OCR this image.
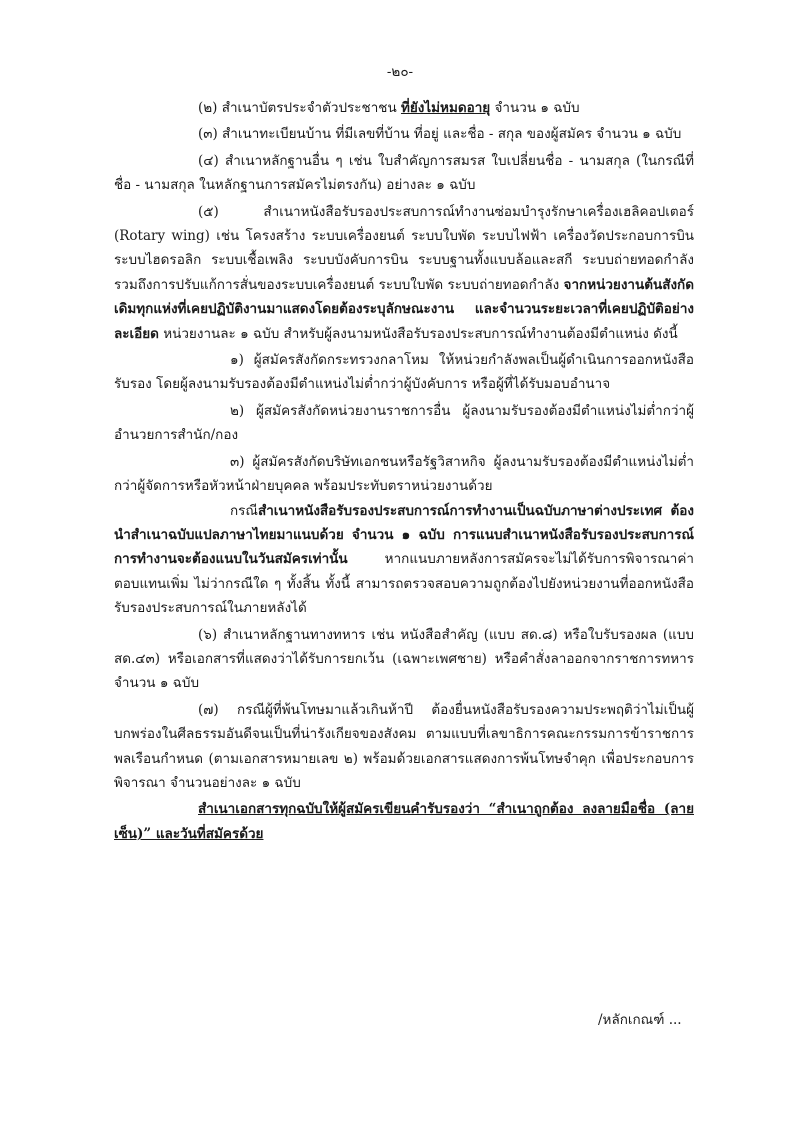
-๒๐-

(๒) สำเนาบัตรประจำตัวประชาชน ที่ยังไม่หมดอายุ จำนวน ๑ ฉบับ

(๓) สำเนาทะเบียนบ้าน ที่มีเลขที่บ้าน ที่อยู่ และชื่อ - สกุล ของผู้สมัคร จำนวน ๑ ฉบับ

(๔) สำเนาหลักฐานอื่น ๆ เช่น ใบสำคัญการสมรส ใบเปลี่ยนชื่อ - นามสกุล (ในกรณีที่ชื่อ - นามสกุล ในหลักฐานการสมัครไม่ตรงกัน) อย่างละ ๑ ฉบับ

(๕) สำเนาหนังสือรับรองประสบการณ์ทำงานซ่อมบำรุงรักษาเครื่องเฮลิคอปเตอร์ (Rotary wing) เช่น โครงสร้าง ระบบเครื่องยนต์ ระบบใบพัด ระบบไฟฟ้า เครื่องวัดประกอบการบิน ระบบไฮดรอลิก ระบบเชื้อเพลิง ระบบบังคับการบิน ระบบฐานทั้งแบบล้อและสกี ระบบถ่ายทอดกำลัง รวมถึงการปรับแก้การสั่นของระบบเครื่องยนต์ ระบบใบพัด ระบบถ่ายทอดกำลัง จากหน่วยงานต้นสังกัดเดิมทุกแห่งที่เคยปฏิบัติงานมาแสดงโดยต้องระบุลักษณะงาน และจำนวนระยะเวลาที่เคยปฏิบัติอย่างละเอียด หน่วยงานละ ๑ ฉบับ สำหรับผู้ลงนามหนังสือรับรองประสบการณ์ทำงานต้องมีตำแหน่ง ดังนี้

๑) ผู้สมัครสังกัดกระทรวงกลาโหม ให้หน่วยกำลังพลเป็นผู้ดำเนินการออกหนังสือรับรอง โดยผู้ลงนามรับรองต้องมีตำแหน่งไม่ต่ำกว่าผู้บังคับการ หรือผู้ที่ได้รับมอบอำนาจ

๒) ผู้สมัครสังกัดหน่วยงานราชการอื่น ผู้ลงนามรับรองต้องมีตำแหน่งไม่ต่ำกว่าผู้อำนวยการสำนัก/กอง

๓) ผู้สมัครสังกัดบริษัทเอกชนหรือรัฐวิสาหกิจ ผู้ลงนามรับรองต้องมีตำแหน่งไม่ต่ำกว่าผู้จัดการหรือหัวหน้าฝ่ายบุคคล พร้อมประทับตราหน่วยงานด้วย

กรณีสำเนาหนังสือรับรองประสบการณ์การทำงานเป็นฉบับภาษาต่างประเทศ ต้องนำสำเนาฉบับแปลภาษาไทยมาแนบด้วย จำนวน ๑ ฉบับ การแนบสำเนาหนังสือรับรองประสบการณ์การทำงานจะต้องแนบในวันสมัครเท่านั้น หากแนบภายหลังการสมัครจะไม่ได้รับการพิจารณาค่าตอบแทนเพิ่ม ไม่ว่ากรณีใด ๆ ทั้งสิ้น ทั้งนี้ สามารถตรวจสอบความถูกต้องไปยังหน่วยงานที่ออกหนังสือรับรองประสบการณ์ในภายหลังได้

(๖) สำเนาหลักฐานทางทหาร เช่น หนังสือสำคัญ (แบบ สด.๘) หรือใบรับรองผล (แบบ สด.๔๓) หรือเอกสารที่แสดงว่าได้รับการยกเว้น (เฉพาะเพศชาย) หรือคำสั่งลาออกจากราชการทหาร จำนวน ๑ ฉบับ

(๗) กรณีผู้ที่พ้นโทษมาแล้วเกินห้าปี ต้องยื่นหนังสือรับรองความประพฤติว่าไม่เป็นผู้บกพร่องในศีลธรรมอันดีจนเป็นที่น่ารังเกียจของสังคม ตามแบบที่เลขาธิการคณะกรรมการข้าราชการพลเรือนกำหนด (ตามเอกสารหมายเลข ๒) พร้อมด้วยเอกสารแสดงการพ้นโทษจำคุก เพื่อประกอบการพิจารณา จำนวนอย่างละ ๑ ฉบับ

สำเนาเอกสารทุกฉบับให้ผู้สมัครเขียนคำรับรองว่า “สำเนาถูกต้อง ลงลายมือชื่อ (ลายเซ็น)” และวันที่สมัครด้วย

/หลักเกณฑ์ ...
